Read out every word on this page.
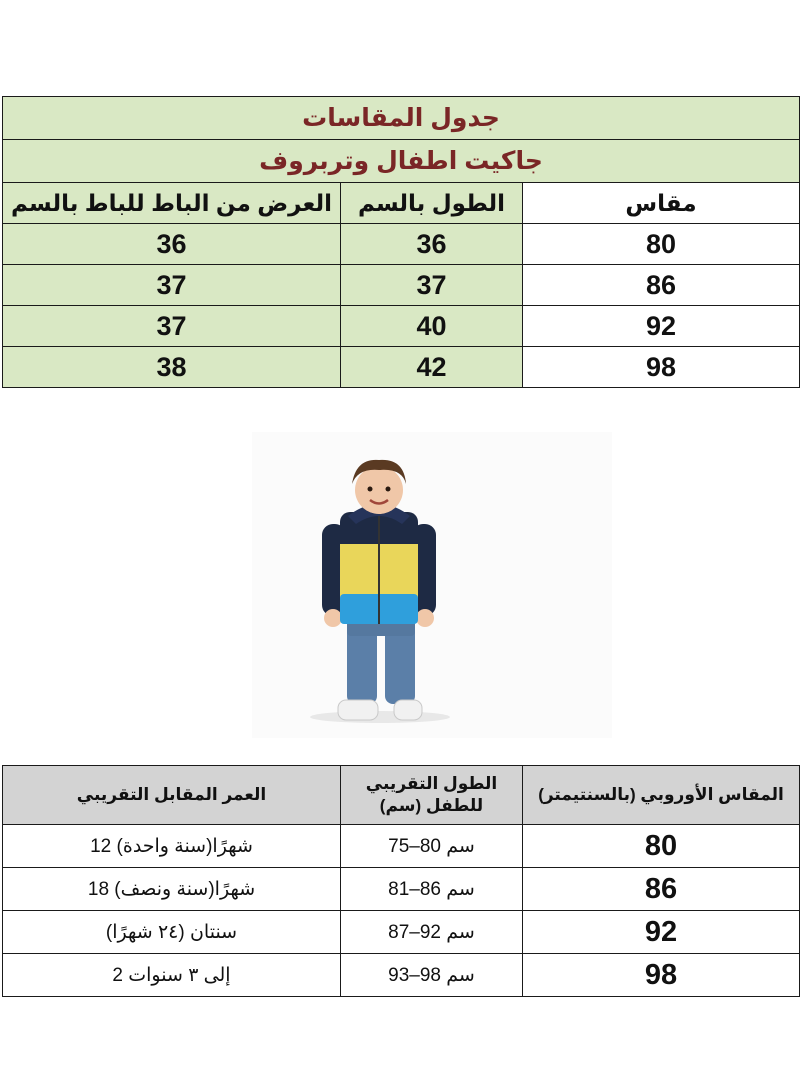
جدول المقاسات		
جاكيت اطفال وتربروف		
العرض من الباط للباط بالسم	الطول بالسم	مقاس
36	36	80
37	37	86
37	40	92
38	42	98
العمر المقابل التقريبي	الطول التقريبي للطفل (سم)	المقاس الأوروبي (بالسنتيمتر)
12 شهرًا(سنة واحدة)	75–80 سم	80
18 شهرًا(سنة ونصف)	81–86 سم	86
سنتان (٢٤ شهرًا)	87–92 سم	92
2 إلى ٣ سنوات	93–98 سم	98
